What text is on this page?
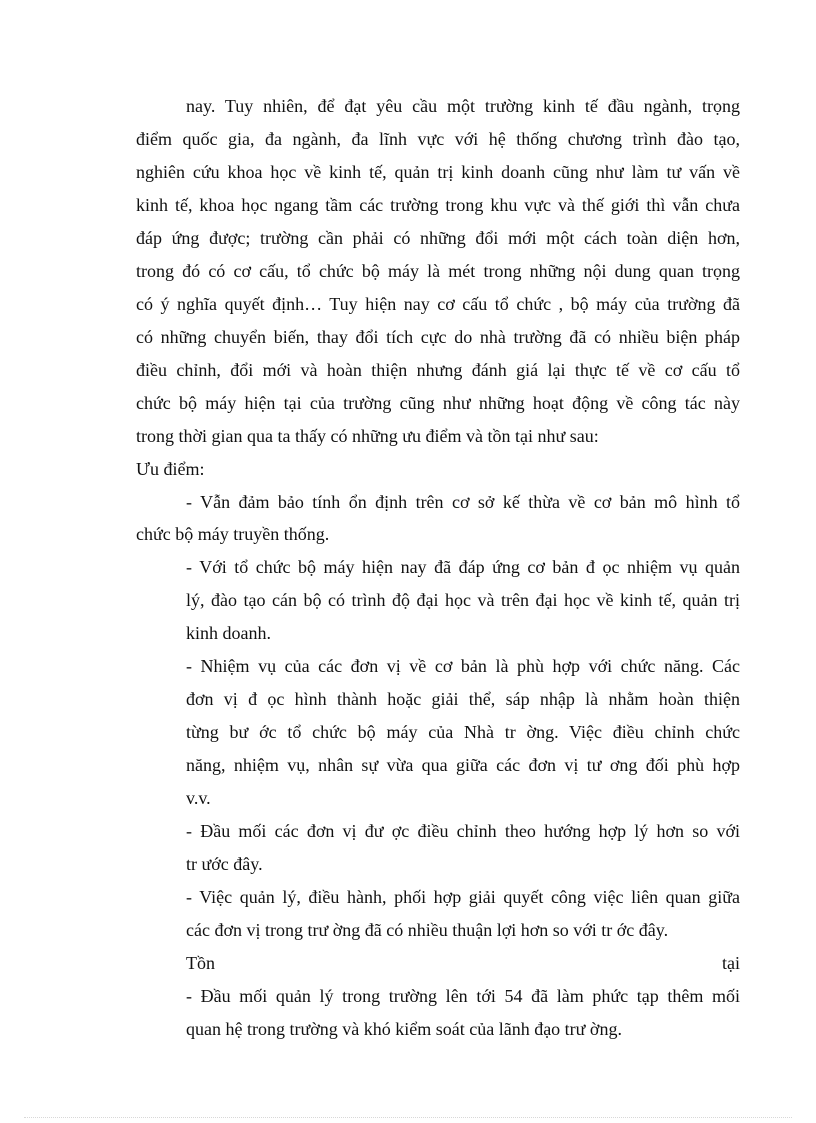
nay. Tuy nhiên, để đạt yêu cầu một trường kinh tế đầu ngành, trọng
điểm quốc gia, đa ngành, đa lĩnh vực với hệ thống chương trình đào tạo,
nghiên cứu khoa học về kinh tế, quản trị kinh doanh cũng như làm tư vấn về
kinh tế, khoa học ngang tầm các trường trong khu vực và thế giới thì vẫn chưa
đáp ứng được; trường cần phải có những đổi mới một cách toàn diện hơn,
trong đó có cơ cấu, tổ chức bộ máy là mét trong những nội dung quan trọng
có ý nghĩa quyết định… Tuy hiện nay cơ cấu tổ chức , bộ máy của trường đã
có những chuyển biến, thay đổi tích cực do nhà trường đã có nhiều biện pháp
điều chỉnh, đổi mới và hoàn thiện nhưng đánh giá lại thực tế về cơ cấu tổ
chức bộ máy hiện tại của trường cũng như những hoạt động về công tác này
trong thời gian qua ta thấy có những ưu điểm và tồn tại như sau:
Ưu điểm:
- Vẫn đảm bảo tính ổn định trên cơ sở kế thừa về cơ bản mô hình tổ
chức bộ máy truyền thống.
- Với tổ chức bộ máy hiện nay đã đáp ứng cơ bản đ ọc nhiệm vụ quản
lý, đào tạo cán bộ có trình độ đại học và trên đại học về kinh tế, quản trị
kinh doanh.
- Nhiệm vụ của các đơn vị về cơ bản là phù hợp với chức năng. Các
đơn vị đ ọc hình thành hoặc giải thể, sáp nhập là nhằm hoàn thiện
từng bư ớc tổ chức bộ máy của Nhà tr ờng. Việc điều chỉnh chức
năng, nhiệm vụ, nhân sự vừa qua giữa các đơn vị tư ơng đối phù hợp
v.v.
- Đầu mối các đơn vị đư ợc điều chỉnh theo hướng hợp lý hơn so với
tr ước đây.
- Việc quản lý, điều hành, phối hợp giải quyết công việc liên quan giữa
các đơn vị trong trư ờng đã có nhiều thuận lợi hơn so với tr ớc đây.
Tồn	tại
- Đầu mối quản lý trong trường lên tới 54 đã làm phức tạp thêm mối
quan hệ trong trường và khó kiểm soát của lãnh đạo trư ờng.
